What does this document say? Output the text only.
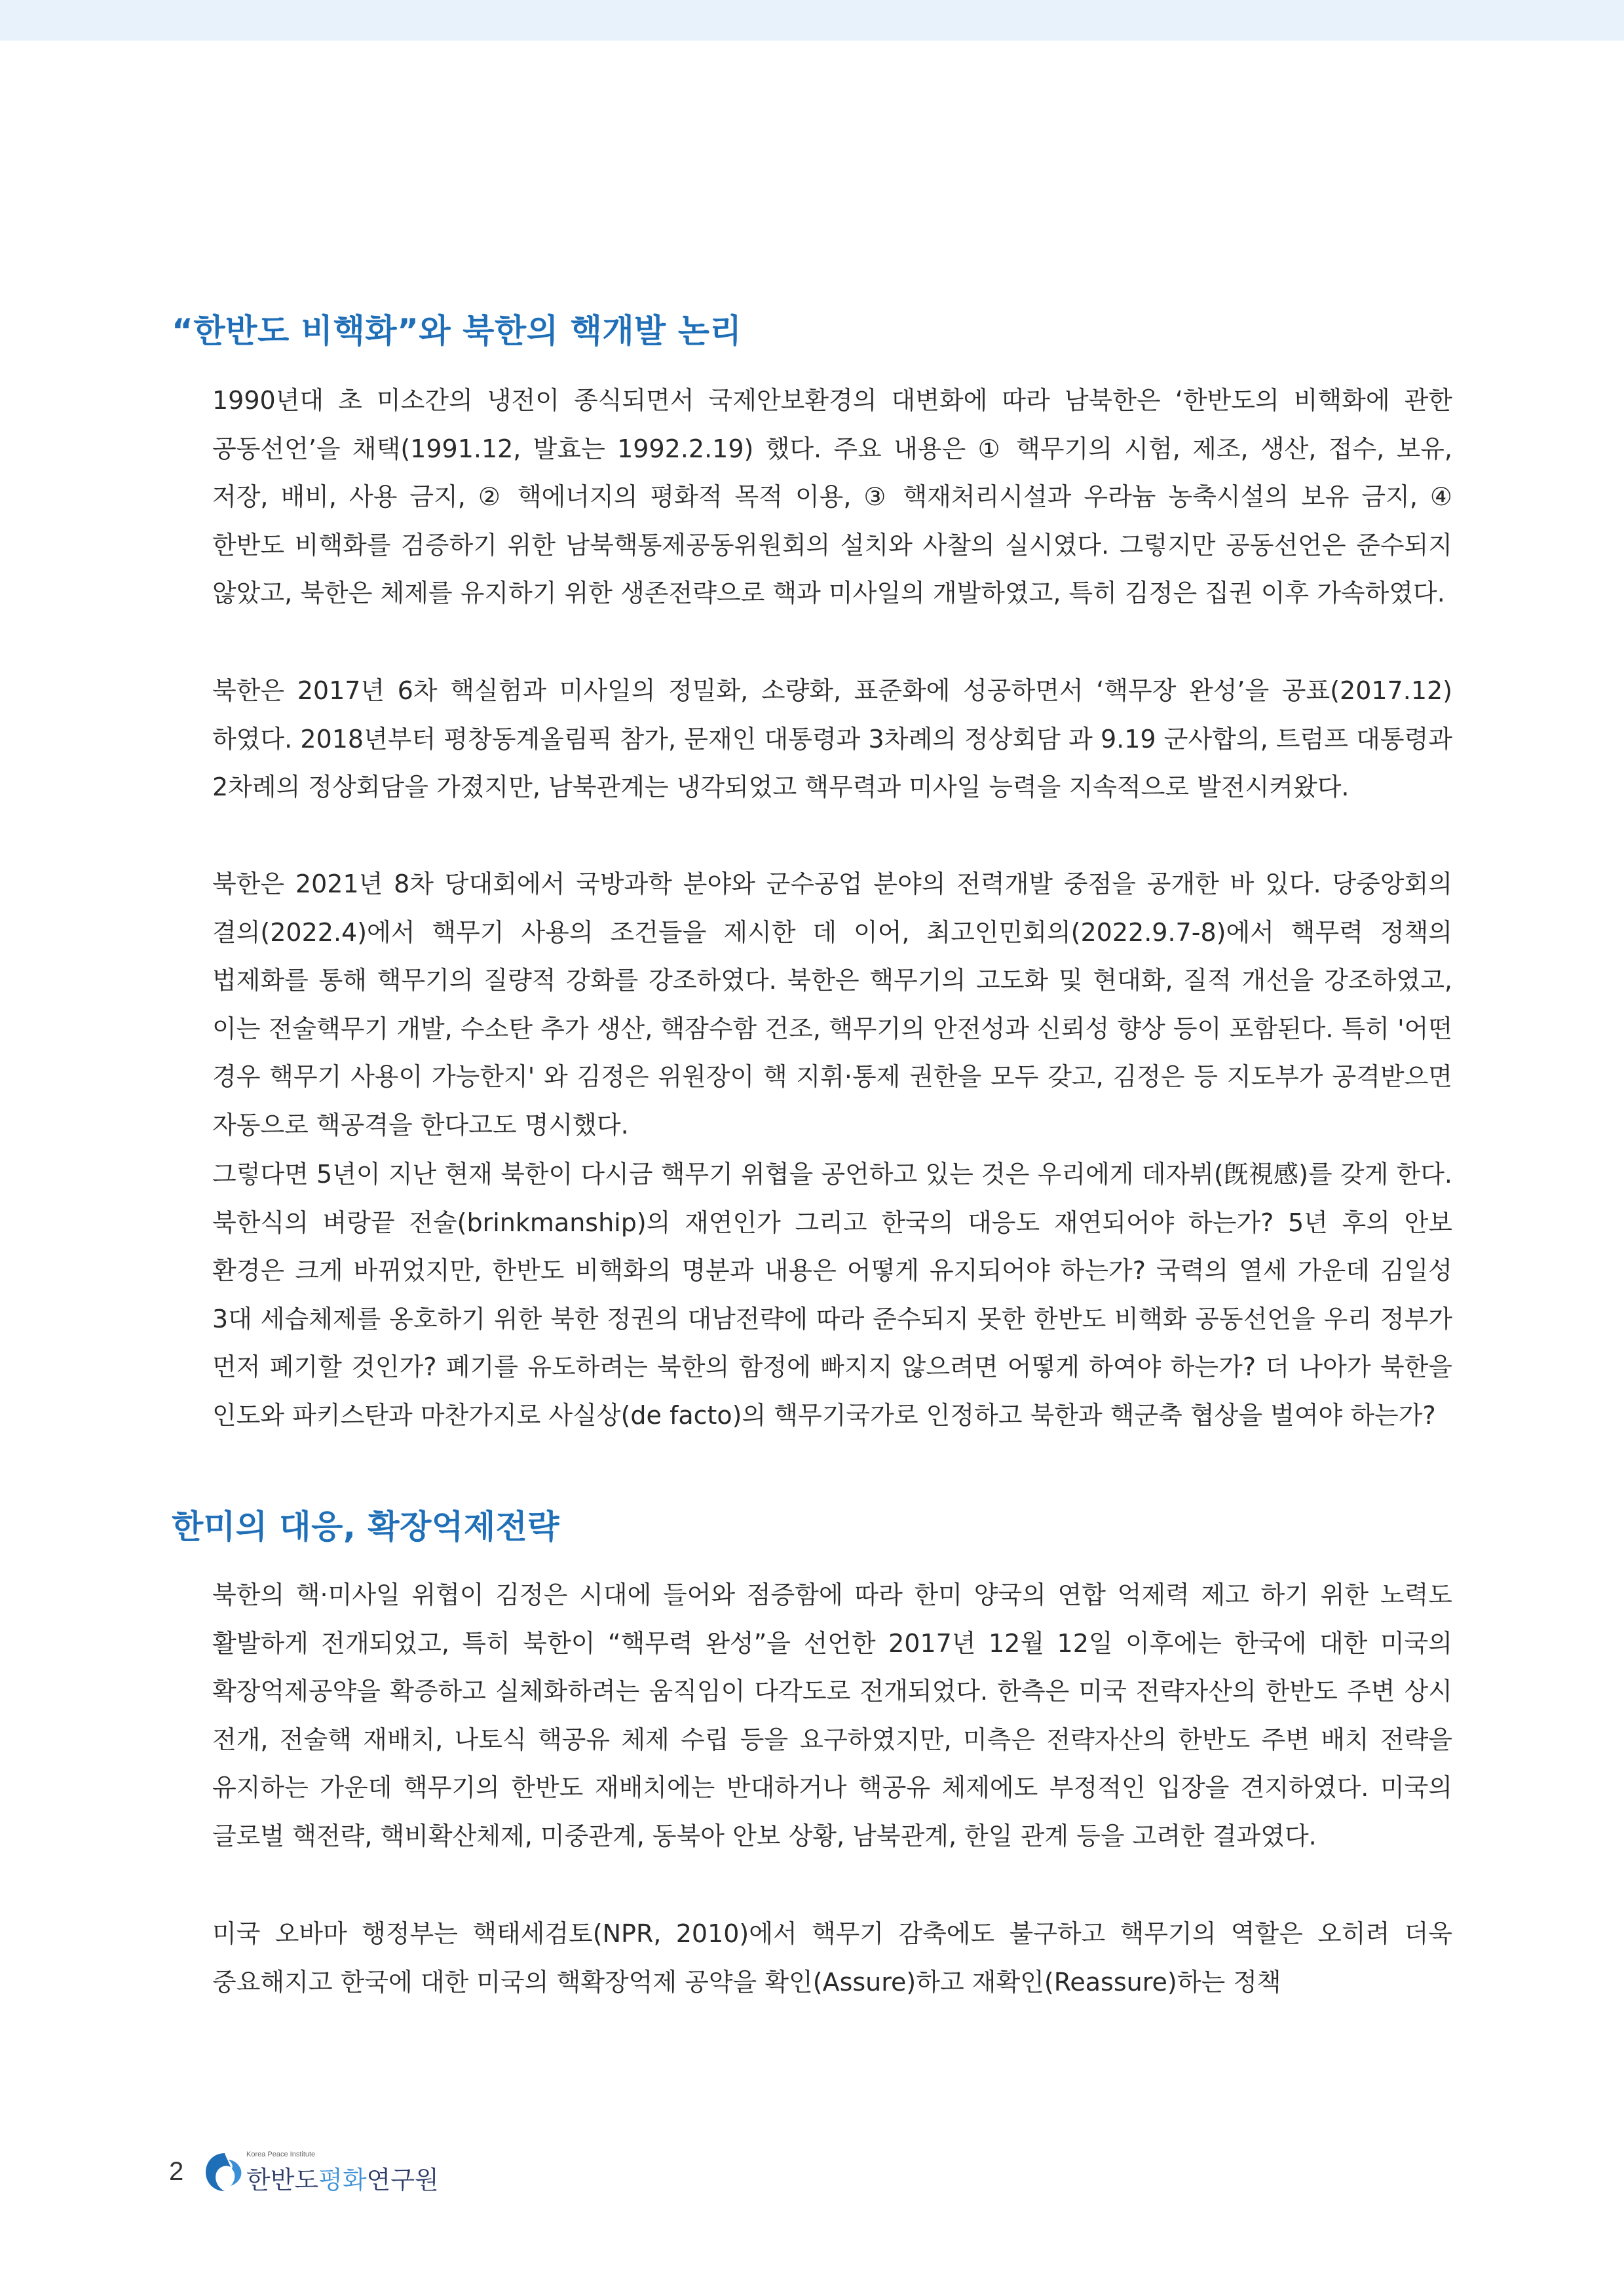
“한반도 비핵화”와 북한의 핵개발 논리

1990년대 초 미소간의 냉전이 종식되면서 국제안보환경의 대변화에 따라 남북한은 ‘한반도의 비핵화에 관한 공동선언’을 채택(1991.12, 발효는 1992.2.19) 했다. 주요 내용은 ① 핵무기의 시험, 제조, 생산, 접수, 보유, 저장, 배비, 사용 금지, ② 핵에너지의 평화적 목적 이용, ③ 핵재처리시설과 우라늄 농축시설의 보유 금지, ④ 한반도 비핵화를 검증하기 위한 남북핵통제공동위원회의 설치와 사찰의 실시였다. 그렇지만 공동선언은 준수되지 않았고, 북한은 체제를 유지하기 위한 생존전략으로 핵과 미사일의 개발하였고, 특히 김정은 집권 이후 가속하였다.

북한은 2017년 6차 핵실험과 미사일의 정밀화, 소량화, 표준화에 성공하면서 ‘핵무장 완성’을 공표(2017.12)하였다. 2018년부터 평창동계올림픽 참가, 문재인 대통령과 3차례의 정상회담 과 9.19 군사합의, 트럼프 대통령과 2차례의 정상회담을 가졌지만, 남북관계는 냉각되었고 핵무력과 미사일 능력을 지속적으로 발전시켜왔다.

북한은 2021년 8차 당대회에서 국방과학 분야와 군수공업 분야의 전력개발 중점을 공개한 바 있다. 당중앙회의 결의(2022.4)에서 핵무기 사용의 조건들을 제시한 데 이어, 최고인민회의(2022.9.7-8)에서 핵무력 정책의 법제화를 통해 핵무기의 질량적 강화를 강조하였다. 북한은 핵무기의 고도화 및 현대화, 질적 개선을 강조하였고, 이는 전술핵무기 개발, 수소탄 추가 생산, 핵잠수함 건조, 핵무기의 안전성과 신뢰성 향상 등이 포함된다. 특히 '어떤 경우 핵무기 사용이 가능한지' 와 김정은 위원장이 핵 지휘·통제 권한을 모두 갖고, 김정은 등 지도부가 공격받으면 자동으로 핵공격을 한다고도 명시했다.

그렇다면 5년이 지난 현재 북한이 다시금 핵무기 위협을 공언하고 있는 것은 우리에게 데자뷔(旣視感)를 갖게 한다. 북한식의 벼랑끝 전술(brinkmanship)의 재연인가 그리고 한국의 대응도 재연되어야 하는가? 5년 후의 안보 환경은 크게 바뀌었지만, 한반도 비핵화의 명분과 내용은 어떻게 유지되어야 하는가? 국력의 열세 가운데 김일성 3대 세습체제를 옹호하기 위한 북한 정권의 대남전략에 따라 준수되지 못한 한반도 비핵화 공동선언을 우리 정부가 먼저 폐기할 것인가? 폐기를 유도하려는 북한의 함정에 빠지지 않으려면 어떻게 하여야 하는가? 더 나아가 북한을 인도와 파키스탄과 마찬가지로 사실상(de facto)의 핵무기국가로 인정하고 북한과 핵군축 협상을 벌여야 하는가?

한미의 대응, 확장억제전략

북한의 핵·미사일 위협이 김정은 시대에 들어와 점증함에 따라 한미 양국의 연합 억제력 제고 하기 위한 노력도 활발하게 전개되었고, 특히 북한이 “핵무력 완성”을 선언한 2017년 12월 12일 이후에는 한국에 대한 미국의 확장억제공약을 확증하고 실체화하려는 움직임이 다각도로 전개되었다. 한측은 미국 전략자산의 한반도 주변 상시 전개, 전술핵 재배치, 나토식 핵공유 체제 수립 등을 요구하였지만, 미측은 전략자산의 한반도 주변 배치 전략을 유지하는 가운데 핵무기의 한반도 재배치에는 반대하거나 핵공유 체제에도 부정적인 입장을 견지하였다. 미국의 글로벌 핵전략, 핵비확산체제, 미중관계, 동북아 안보 상황, 남북관계, 한일 관계 등을 고려한 결과였다.

미국 오바마 행정부는 핵태세검토(NPR, 2010)에서 핵무기 감축에도 불구하고 핵무기의 역할은 오히려 더욱 중요해지고 한국에 대한 미국의 핵확장억제 공약을 확인(Assure)하고 재확인(Reassure)하는 정책

2
Korea Peace Institute
한반도평화연구원
